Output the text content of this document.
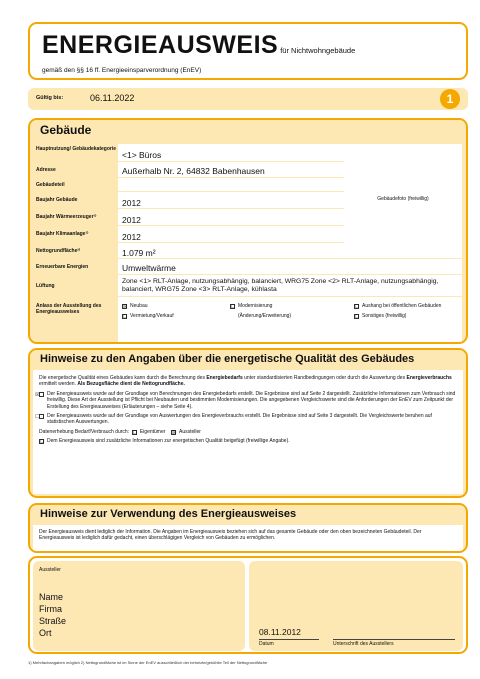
ENERGIEAUSWEIS für Nichtwohngebäude
gemäß den §§ 16 ff. Energieeinsparverordnung (EnEV)
Gültig bis:	06.11.2022	1
Gebäude
Hauptnutzung/ Gebäudekategorie
<1> Büros
Adresse	Außerhalb Nr. 2, 64832 Babenhausen
Gebäudeteil
Baujahr Gebäude	2012
Baujahr Wärmeerzeuger¹⁾	2012
Baujahr Klimaanlage¹⁾	2012
Nettogrundfläche²⁾	1.079 m²
Gebäudefoto (freiwillig)
Erneuerbare Energien	Umweltwärme
Lüftung
Zone <1> RLT-Anlage, nutzungsabhängig, balanciert, WRG75 Zone <2> RLT-Anlage, nutzungsabhängig, balanciert, WRG75 Zone <3> RLT-Anlage, kühlasta
Anlass der Ausstellung des Energieausweises
☒ Neubau	☐ Modernisierung	☐ Aushang bei öffentlichen Gebäuden
☐ Vermietung/Verkauf	(Änderung/Erweiterung)	☐ Sonstiges (freiwillig)
Hinweise zu den Angaben über die energetische Qualität des Gebäudes

Die energetische Qualität eines Gebäudes kann durch die Berechnung des Energiebedarfs unter standardisierten Randbedingungen oder durch die Auswertung des Energieverbrauchs ermittelt werden. Als Bezugsfläche dient die Nettogrundfläche.

☒ Der Energieausweis wurde auf der Grundlage von Berechnungen des Energiebedarfs erstellt. Die Ergebnisse sind auf Seite 2 dargestellt. Zusätzliche Informationen zum Verbrauch sind freiwillig. Diese Art der Ausstellung ist Pflicht bei Neubauten und bestimmten Modernisierungen. Die angegebenen Vergleichswerte sind die Anforderungen der EnEV zum Zeitpunkt der Erstellung des Energieausweises (Erläuterungen – siehe Seite 4).

☐ Der Energieausweis wurde auf der Grundlage von Auswertungen des Energieverbrauchs erstellt. Die Ergebnisse sind auf Seite 3 dargestellt. Die Vergleichswerte beruhen auf statistischen Auswertungen.

Datenerhebung Bedarf/Verbrauch durch: ☐ Eigentümer ☒ Aussteller

☐ Dem Energieausweis sind zusätzliche Informationen zur energetischen Qualität beigefügt (freiwillige Angabe).

Hinweise zur Verwendung des Energieausweises
Der Energieausweis dient lediglich der Information. Die Angaben im Energieausweis beziehen sich auf das gesamte Gebäude oder den oben bezeichneten Gebäudeteil. Der Energieausweis ist lediglich dafür gedacht, einen überschlägigen Vergleich von Gebäuden zu ermöglichen.
Aussteller
Name
Firma
Straße
Ort	08.11.2012
Datum	Unterschrift des Ausstellers
1) Mehrfachangaben möglich 2) Nettogrundfläche ist im Sinne der EnEV ausschließlich der beheizte/gekühlte Teil der Nettogrundfläche
